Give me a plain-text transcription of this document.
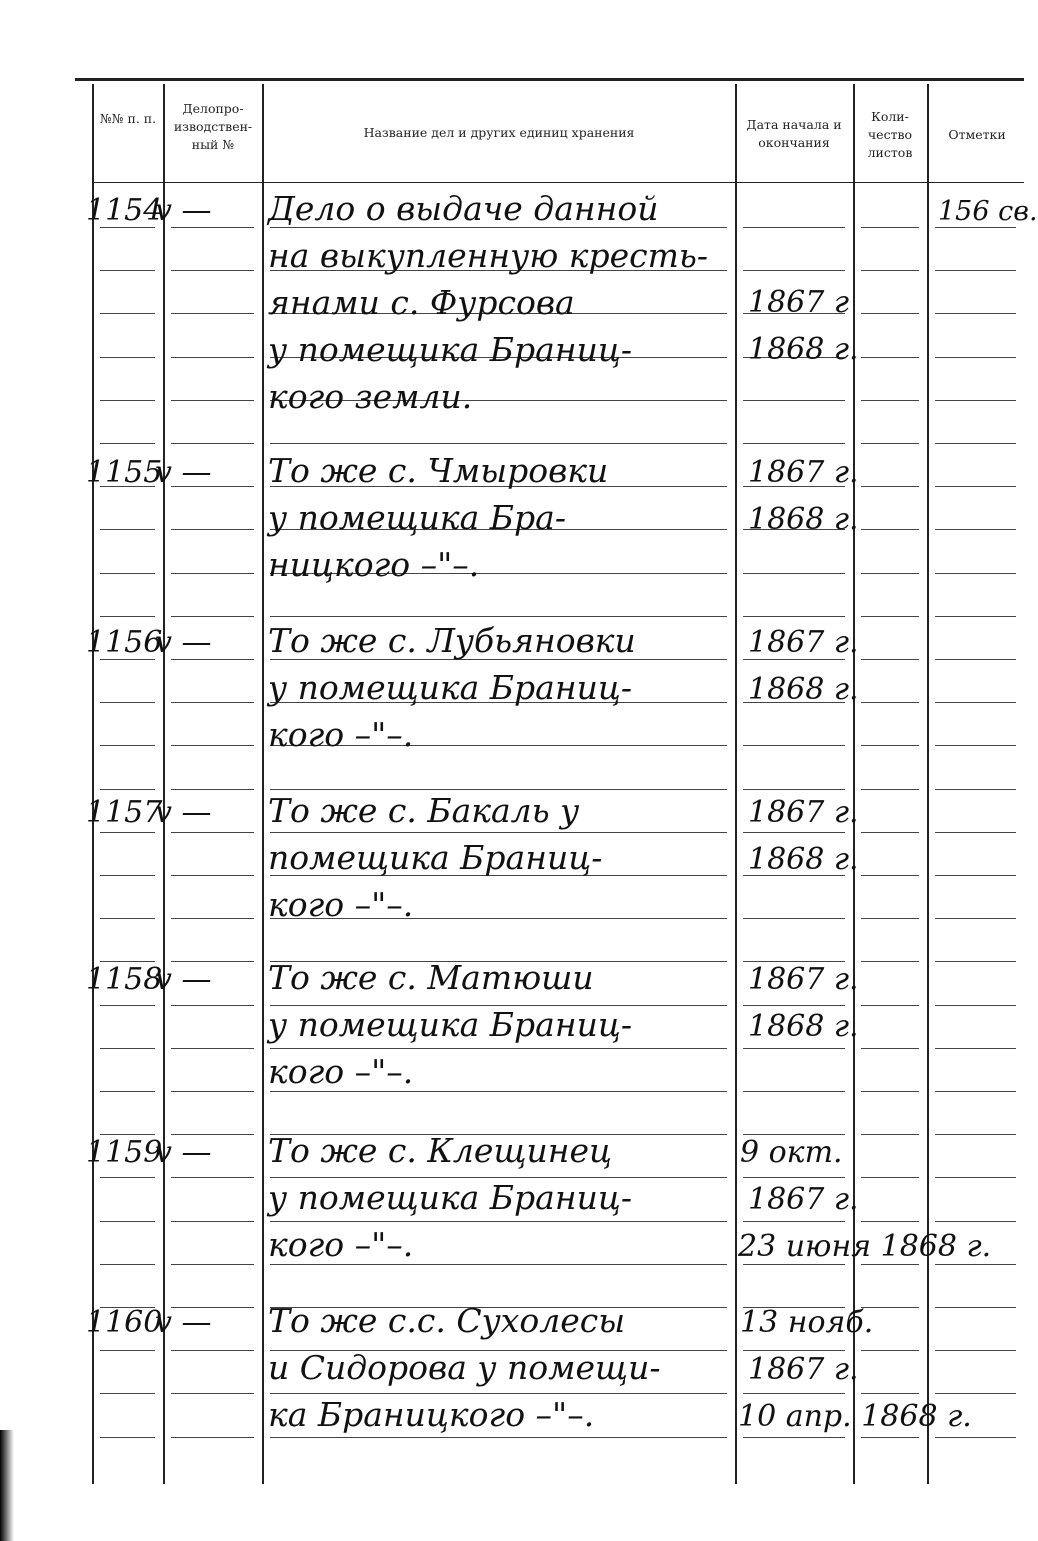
№№ п. п.
Делопро- изводствен- ный №
Название дел и других единиц хранения
Дата начала и окончания
Коли- чество листов
Отметки
1154
v — Дело о выдаче данной
на выкупленную кресть-
янами с. Фурсова
у помещика Браниц-
кого земли.
1867 г
1868 г.
156 св.
1155
v — То же с. Чмыровки
у помещика Бра-
ницкого –"–.
1867 г.
1868 г.
1156
v — То же с. Лубьяновки
у помещика Браниц-
кого –"–.
1867 г.
1868 г.
1157
v — То же с. Бакаль у
помещика Браниц-
кого –"–.
1867 г.
1868 г.
1158
v — То же с. Матюши
у помещика Браниц-
кого –"–.
1867 г.
1868 г.
1159
v — То же с. Клещинец
у помещика Браниц-
кого –"–.
9 окт.
1867 г.
23 июня 1868 г.
1160
v — То же с.с. Сухолесы
и Сидорова у помещи-
ка Браницкого –"–.
13 нояб.
1867 г.
10 апр. 1868 г.
